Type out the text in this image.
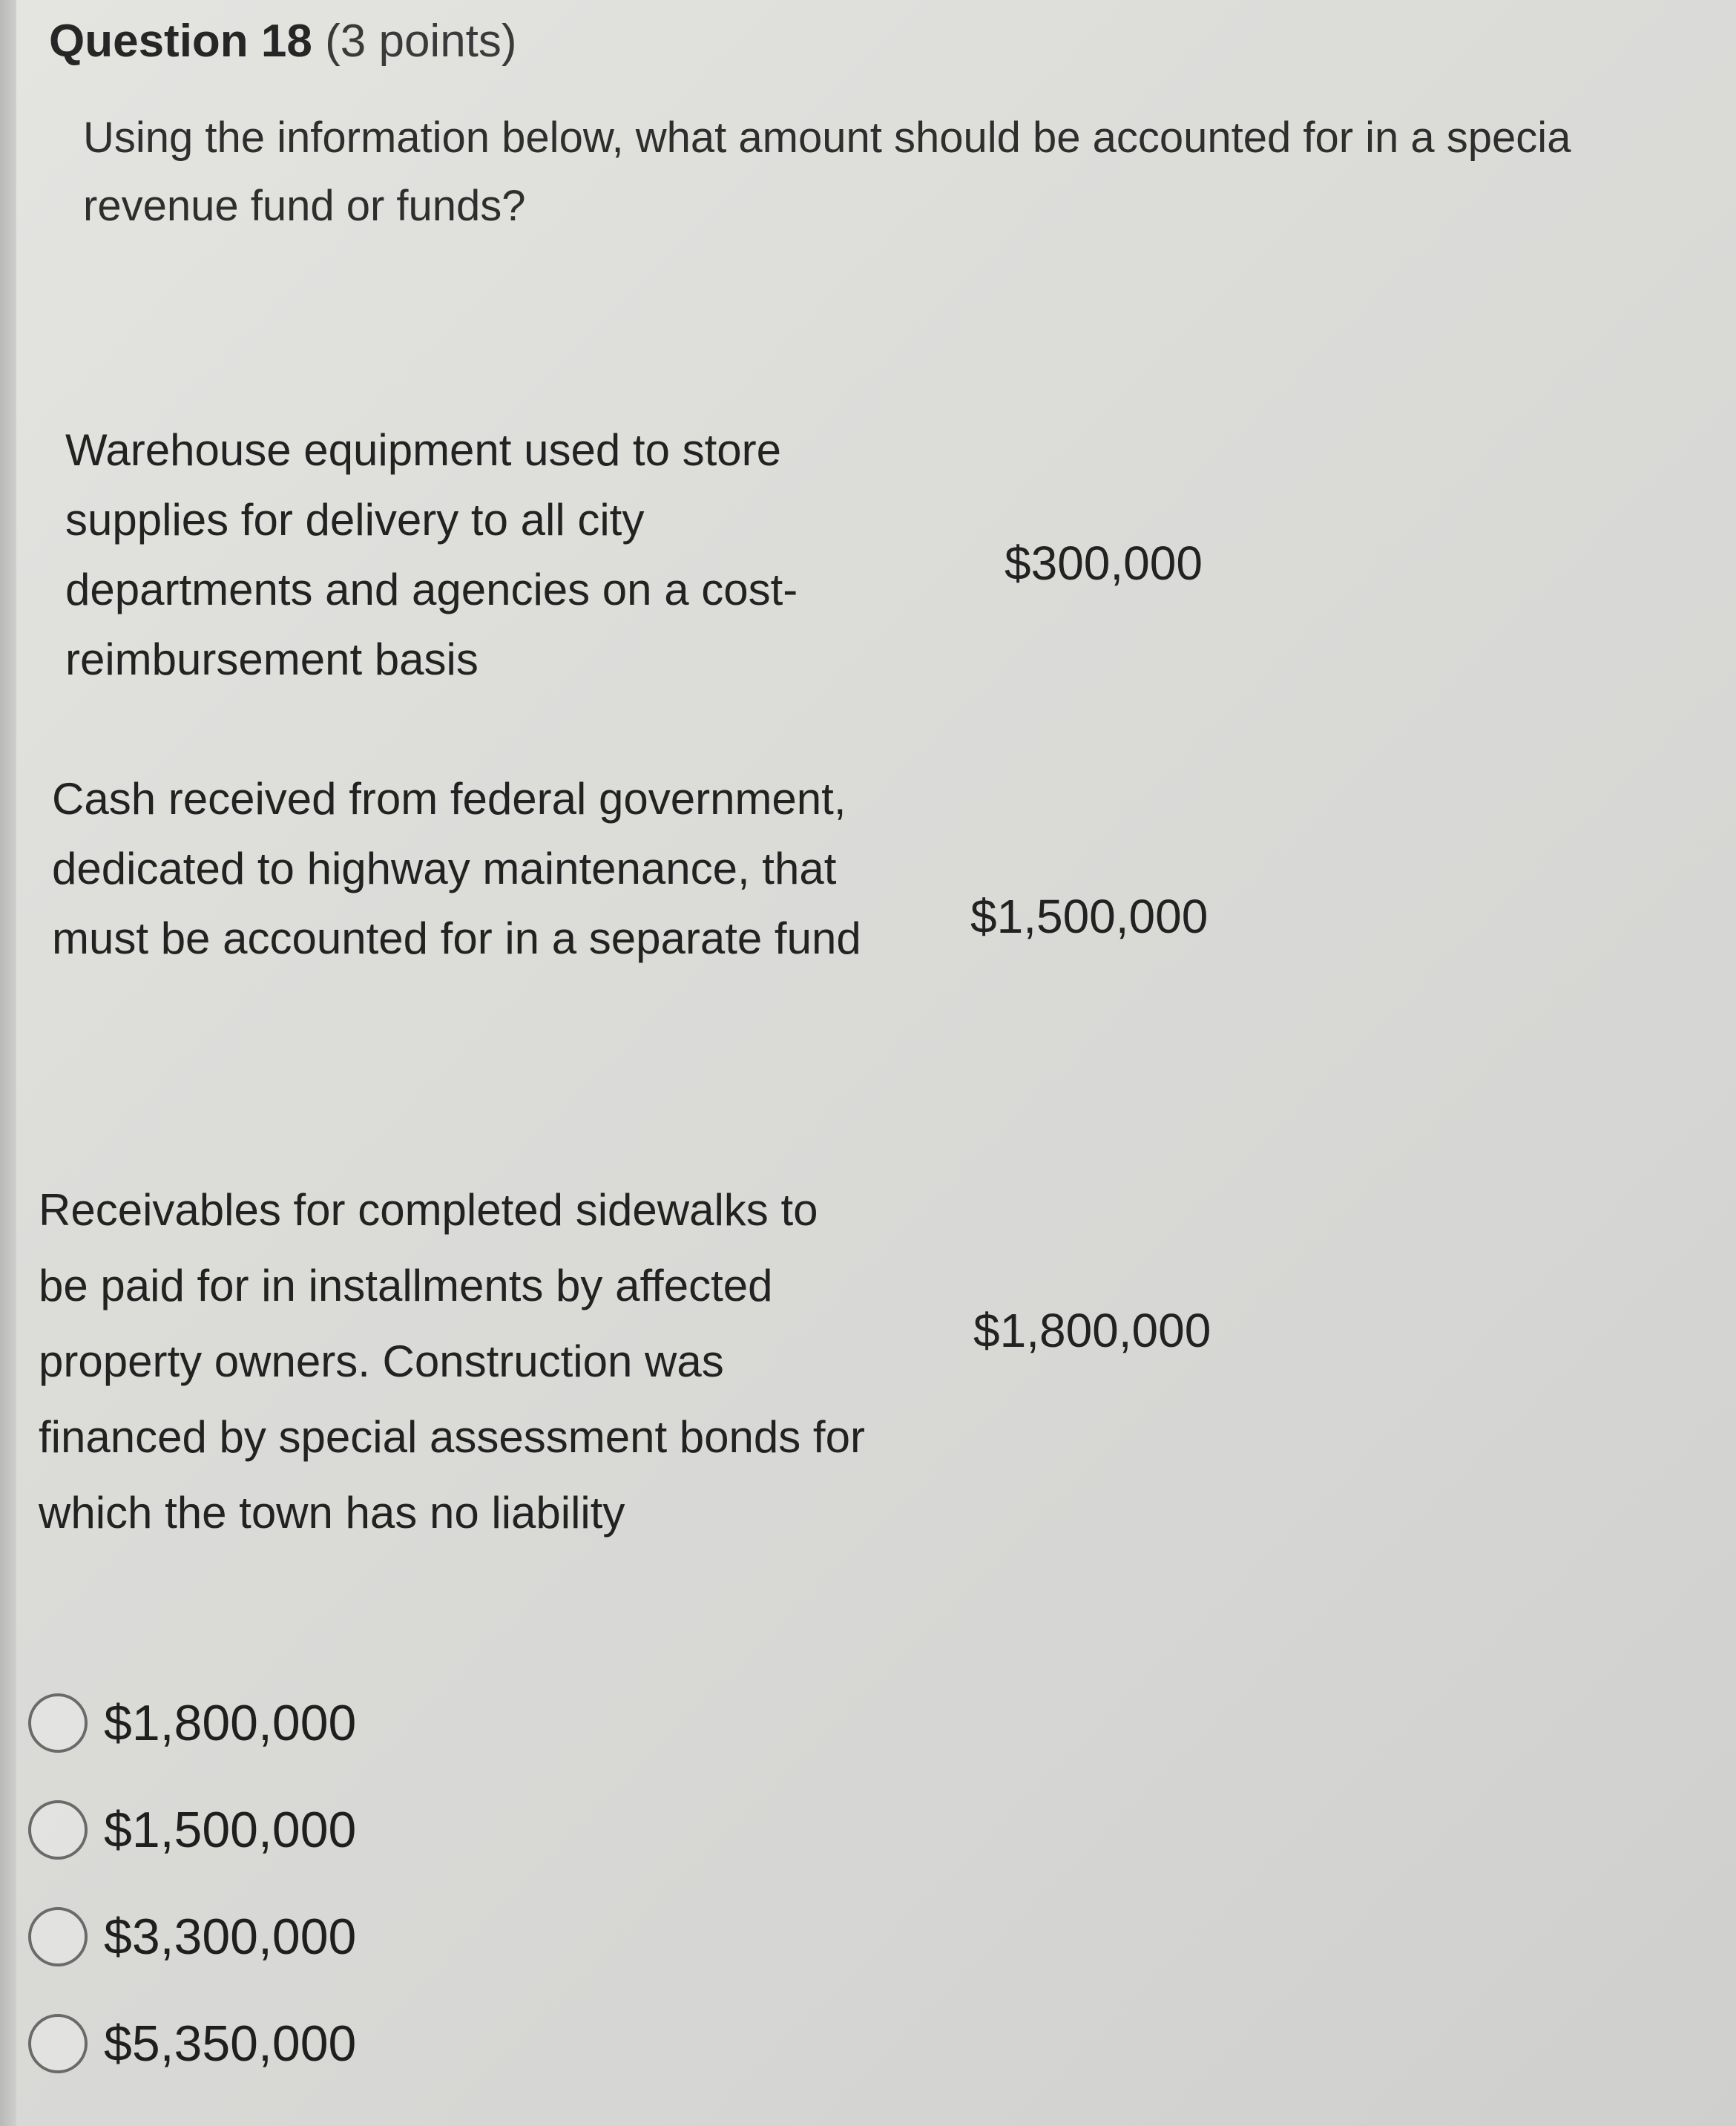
Question 18 (3 points)
Using the information below, what amount should be accounted for in a specia
revenue fund or funds?
Warehouse equipment used to store
supplies for delivery to all city
departments and agencies on a cost-
reimbursement basis
$300,000
Cash received from federal government,
dedicated to highway maintenance, that
must be accounted for in a separate fund $1,500,000
Receivables for completed sidewalks to
be paid for in installments by affected
property owners. Construction was
financed by special assessment bonds for
which the town has no liability
$1,800,000
$1,800,000
$1,500,000
$3,300,000
$5,350,000
